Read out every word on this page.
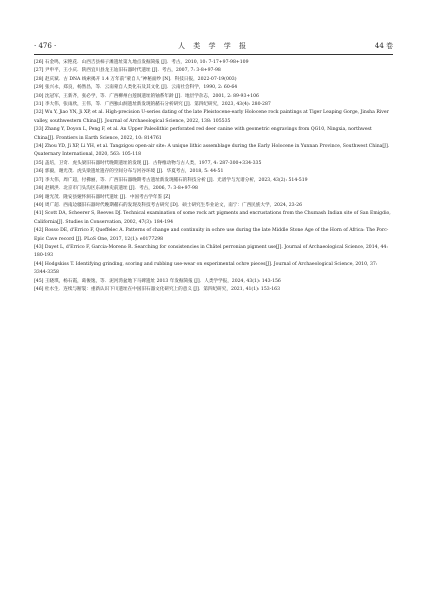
· 476 ·	人 类 学 学 报	44 卷
[26] 石金鸣，宋艳花．山西吉县柿子滩遗址第九地点发掘简报 [J]．考古，2010, 10: 7-17+97-98+109
[27] 尹申平，王小庆．陕西宜川县龙王辿旧石器时代遗址 [J]．考古，2007, 7: 3-8+97-98
[28] 赵庆斌．古 DNA 线索揭开 1.4 万年前“蒙自人”神秘面纱 [N]．科技日报，2022-07-19(003)
[29] 张兴永，郑良，杨然昌，等．云南蒙自人类化石及其文化 [J]．云南社会科学，1990, 2: 60-64
[30] 沈冠军，王新齐，张必学，等．广西柳州白莲洞遗址的铀系年龄 [J]．地层学杂志，2001, 2: 89-93+106
[31] 李大伟，张雨欣，王伟，等．广西独山洞遗址新发现的赭石分析研究 [J]．第四纪研究，2023, 43(4): 280-287
[32] Wu Y, Jiao YN, Ji XP, et al. High-precision U-series dating of the late Pleistocene-early Holocene rock paintings at Tiger Leaping Gorge, Jinsha River valley, southwestern China[J]. Journal of Archaeological Science, 2022, 138: 105535
[33] Zhang Y, Doyon L, Peng F, et al. An Upper Paleolithic perforated red deer canine with geometric engravings from QG10, Ningxia, northwest China[J]. Frontiers in Earth Science, 2022, 10: 814761
[34] Zhou YD, Ji XP, Li YH, et al. Tangzigou open-air site: A unique lithic assemblage during the Early Holocene in Yunnan Province, Southwest China[J]. Quaternary International, 2020, 563: 105-118
[35] 盖培，卫奇．虎头梁旧石器时代晚期遗址的发现 [J]．古脊椎动物与古人类，1977, 4: 287-300+334-335
[36] 郭毅，谢光茂．虎头梁遗址遗存的空间分布与河谷环境 [J]．华夏考古，2018, 5: 44-51
[37] 李大伟，周广超，付佛丽，等．广西旧石器晚期考古遗址新发现赭石的科技分析 [J]．光谱学与光谱分析，2023, 43(2): 514-519
[38] 赵朝洪．北京市门头沟区东胡林史前遗址 [J]．考古，2006, 7: 3-8+97-98
[39] 谢光茂．隆安县娅怀洞石器时代遗址 [J]．中国考古学年鉴 [Z]
[40] 周广超．西南边疆旧石器时代晚期赭石的发现及科技考古研究 [D]．硕士研究生毕业论文，南宁：广西民族大学，2024, 23-26
[41] Scott DA, Scheerer S, Reeves DJ. Technical examination of some rock art pigments and encrustations from the Chumash Indian site of San Emigdio, California[J]. Studies in Conservation, 2002, 47(3): 184-194
[42] Rosso DE, d'Errico F, Queffelec A. Patterns of change and continuity in ochre use during the late Middle Stone Age of the Horn of Africa: The Porc-Epic Cave record [J]. PLoS One, 2017, 12(1): e0177298
[43] Dayet L, d'Errico F, Garcia-Moreno R. Searching for consistencies in Châtel perronian pigment use[J]. Journal of Archaeological Science, 2014, 44: 180-193
[44] Hodgskiss T. Identifying grinding, scoring and rubbing use-wear on experimental ochre pieces[J]. Journal of Archaeological Science, 2010, 37: 3344-3358
[45] 王晓琪，杨石霞，葛俊逸，等．泥河湾盆地下马碑遗址 2013 年发掘简报 [J]．人类学学报，2024, 43(1): 143-156
[46] 杜水生．连续与断裂：重新认识下川遗址在中国旧石器文化研究上的意义 [J]．第四纪研究，2021, 41(1): 153-163
